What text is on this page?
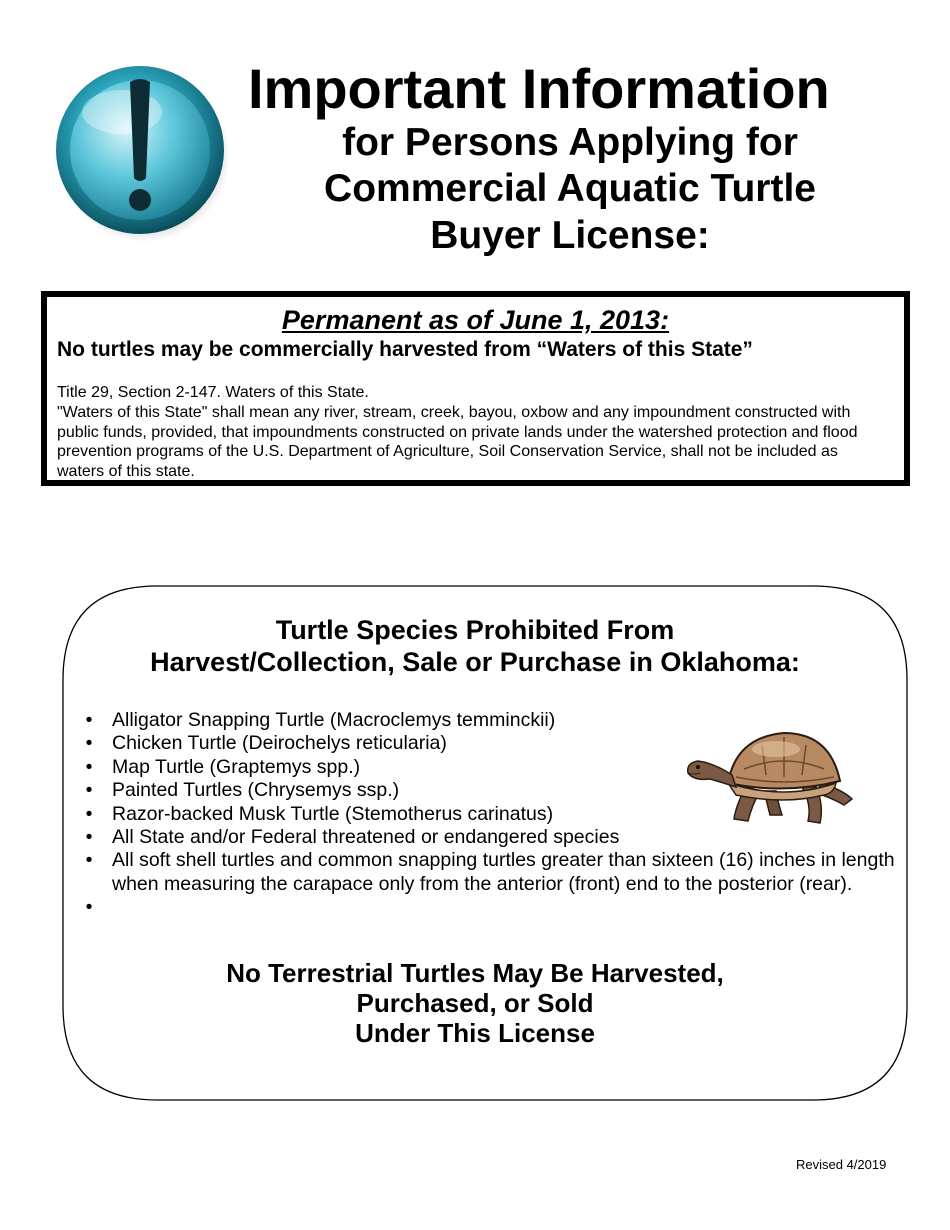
Important Information
for Persons Applying for
Commercial Aquatic Turtle
Buyer License:
Permanent as of June 1, 2013:
No turtles may be commercially harvested from “Waters of this State”
Title 29, Section 2-147. Waters of this State.
"Waters of this State" shall mean any river, stream, creek, bayou, oxbow and any impoundment constructed with public funds, provided, that impoundments constructed on private lands under the watershed protection and flood prevention programs of the U.S. Department of Agriculture, Soil Conservation Service, shall not be included as waters of this state.
Turtle Species Prohibited From
Harvest/Collection, Sale or Purchase in Oklahoma:
• Alligator Snapping Turtle (Macroclemys temminckii)
• Chicken Turtle (Deirochelys reticularia)
• Map Turtle (Graptemys spp.)
• Painted Turtles (Chrysemys ssp.)
• Razor-backed Musk Turtle (Stemotherus carinatus)
• All State and/or Federal threatened or endangered species
• All soft shell turtles and common snapping turtles greater than sixteen (16) inches in length when measuring the carapace only from the anterior (front) end to the posterior (rear).
•
No Terrestrial Turtles May Be Harvested,
Purchased, or Sold
Under This License
Revised 4/2019
